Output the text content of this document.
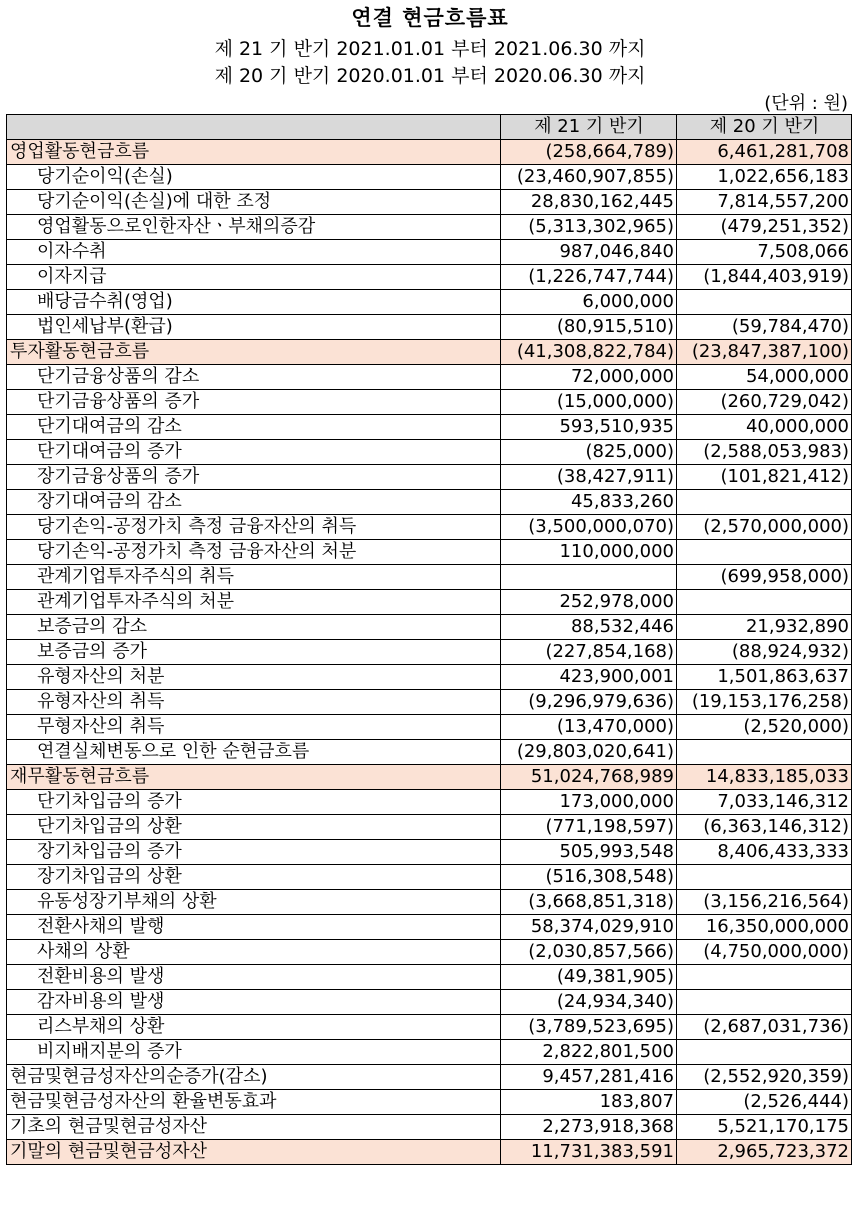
연결 현금흐름표
제 21 기 반기 2021.01.01 부터 2021.06.30 까지
제 20 기 반기 2020.01.01 부터 2020.06.30 까지
(단위 : 원)
	제 21 기 반기	제 20 기 반기
영업활동현금흐름	(258,664,789)	6,461,281,708
당기순이익(손실)	(23,460,907,855)	1,022,656,183
당기순이익(손실)에 대한 조정	28,830,162,445	7,814,557,200
영업활동으로인한자산ㆍ부채의증감	(5,313,302,965)	(479,251,352)
이자수취	987,046,840	7,508,066
이자지급	(1,226,747,744)	(1,844,403,919)
배당금수취(영업)	6,000,000	
법인세납부(환급)	(80,915,510)	(59,784,470)
투자활동현금흐름	(41,308,822,784)	(23,847,387,100)
단기금융상품의 감소	72,000,000	54,000,000
단기금융상품의 증가	(15,000,000)	(260,729,042)
단기대여금의 감소	593,510,935	40,000,000
단기대여금의 증가	(825,000)	(2,588,053,983)
장기금융상품의 증가	(38,427,911)	(101,821,412)
장기대여금의 감소	45,833,260	
당기손익-공정가치 측정 금융자산의 취득	(3,500,000,070)	(2,570,000,000)
당기손익-공정가치 측정 금융자산의 처분	110,000,000	
관계기업투자주식의 취득		(699,958,000)
관계기업투자주식의 처분	252,978,000	
보증금의 감소	88,532,446	21,932,890
보증금의 증가	(227,854,168)	(88,924,932)
유형자산의 처분	423,900,001	1,501,863,637
유형자산의 취득	(9,296,979,636)	(19,153,176,258)
무형자산의 취득	(13,470,000)	(2,520,000)
연결실체변동으로 인한 순현금흐름	(29,803,020,641)	
재무활동현금흐름	51,024,768,989	14,833,185,033
단기차입금의 증가	173,000,000	7,033,146,312
단기차입금의 상환	(771,198,597)	(6,363,146,312)
장기차입금의 증가	505,993,548	8,406,433,333
장기차입금의 상환	(516,308,548)	
유동성장기부채의 상환	(3,668,851,318)	(3,156,216,564)
전환사채의 발행	58,374,029,910	16,350,000,000
사채의 상환	(2,030,857,566)	(4,750,000,000)
전환비용의 발생	(49,381,905)	
감자비용의 발생	(24,934,340)	
리스부채의 상환	(3,789,523,695)	(2,687,031,736)
비지배지분의 증가	2,822,801,500	
현금및현금성자산의순증가(감소)	9,457,281,416	(2,552,920,359)
현금및현금성자산의 환율변동효과	183,807	(2,526,444)
기초의 현금및현금성자산	2,273,918,368	5,521,170,175
기말의 현금및현금성자산	11,731,383,591	2,965,723,372
